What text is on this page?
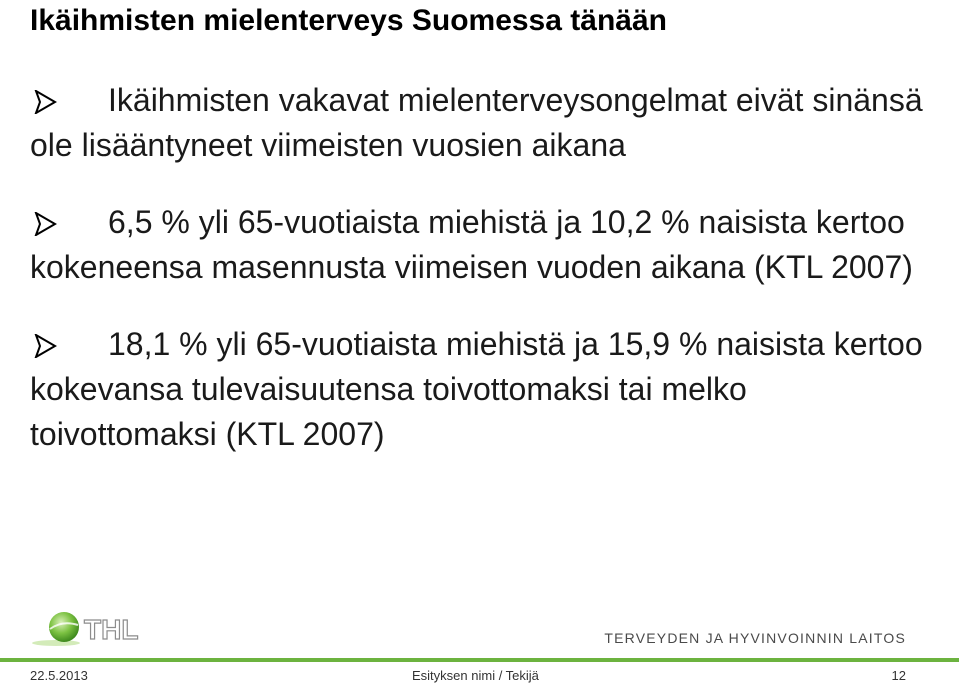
Ikäihmisten mielenterveys Suomessa tänään

Ikäihmisten vakavat mielenterveysongelmat eivät sinänsä ole lisääntyneet viimeisten vuosien aikana

6,5 % yli 65-vuotiaista miehistä ja 10,2 % naisista kertoo kokeneensa masennusta viimeisen vuoden aikana (KTL 2007)

18,1 % yli 65-vuotiaista miehistä ja 15,9 % naisista kertoo kokevansa tulevaisuutensa toivottomaksi tai melko toivottomaksi (KTL 2007)

THL	TERVEYDEN JA HYVINVOINNIN LAITOS
22.5.2013	Esityksen nimi / Tekijä	12
